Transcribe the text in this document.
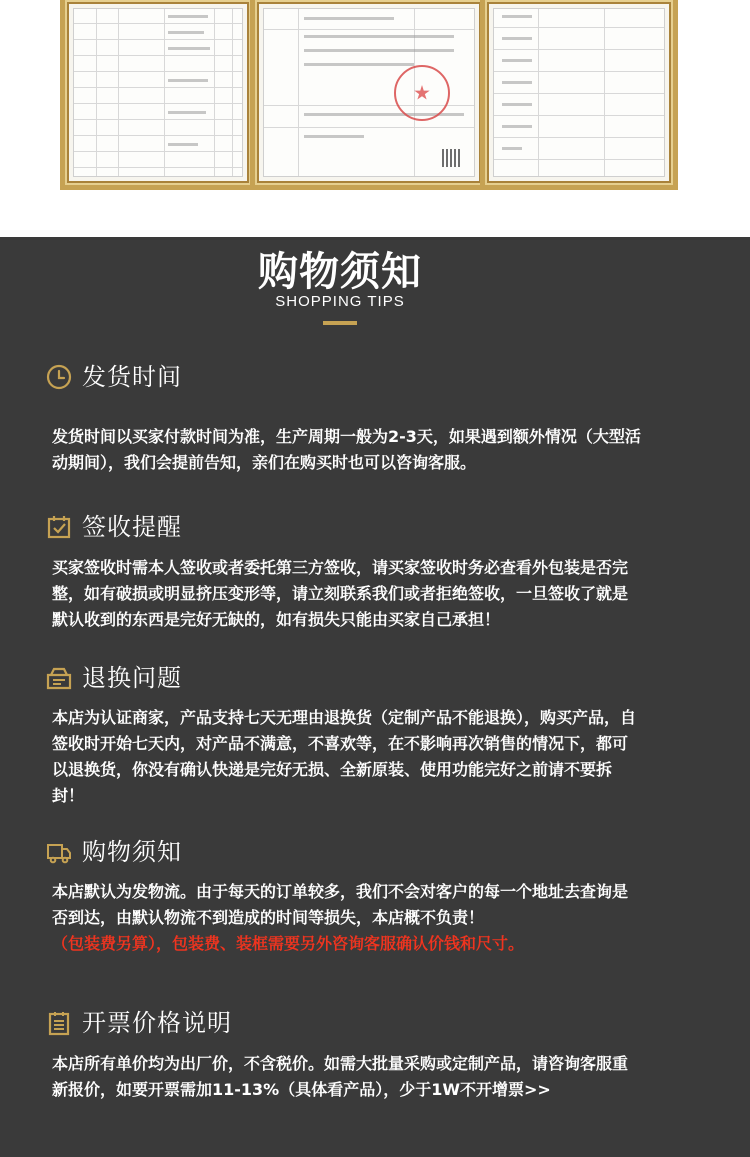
购物须知
SHOPPING TIPS
发货时间

发货时间以买家付款时间为准，生产周期一般为2-3天，如果遇到额外情况（大型活动期间），我们会提前告知，亲们在购买时也可以咨询客服。

签收提醒

买家签收时需本人签收或者委托第三方签收，请买家签收时务必查看外包装是否完整，如有破损或明显挤压变形等，请立刻联系我们或者拒绝签收，一旦签收了就是默认收到的东西是完好无缺的，如有损失只能由买家自己承担！

退换问题

本店为认证商家，产品支持七天无理由退换货（定制产品不能退换），购买产品，自签收时开始七天内，对产品不满意，不喜欢等，在不影响再次销售的情况下，都可以退换货，你没有确认快递是完好无损、全新原装、使用功能完好之前请不要拆封！

购物须知
本店默认为发物流。由于每天的订单较多，我们不会对客户的每一个地址去查询是否到达，由默认物流不到造成的时间等损失，本店概不负责！
（包装费另算），包装费、装框需要另外咨询客服确认价钱和尺寸。
开票价格说明

本店所有单价均为出厂价，不含税价。如需大批量采购或定制产品，请咨询客服重新报价，如要开票需加11-13%（具体看产品），少于1W不开增票>>
